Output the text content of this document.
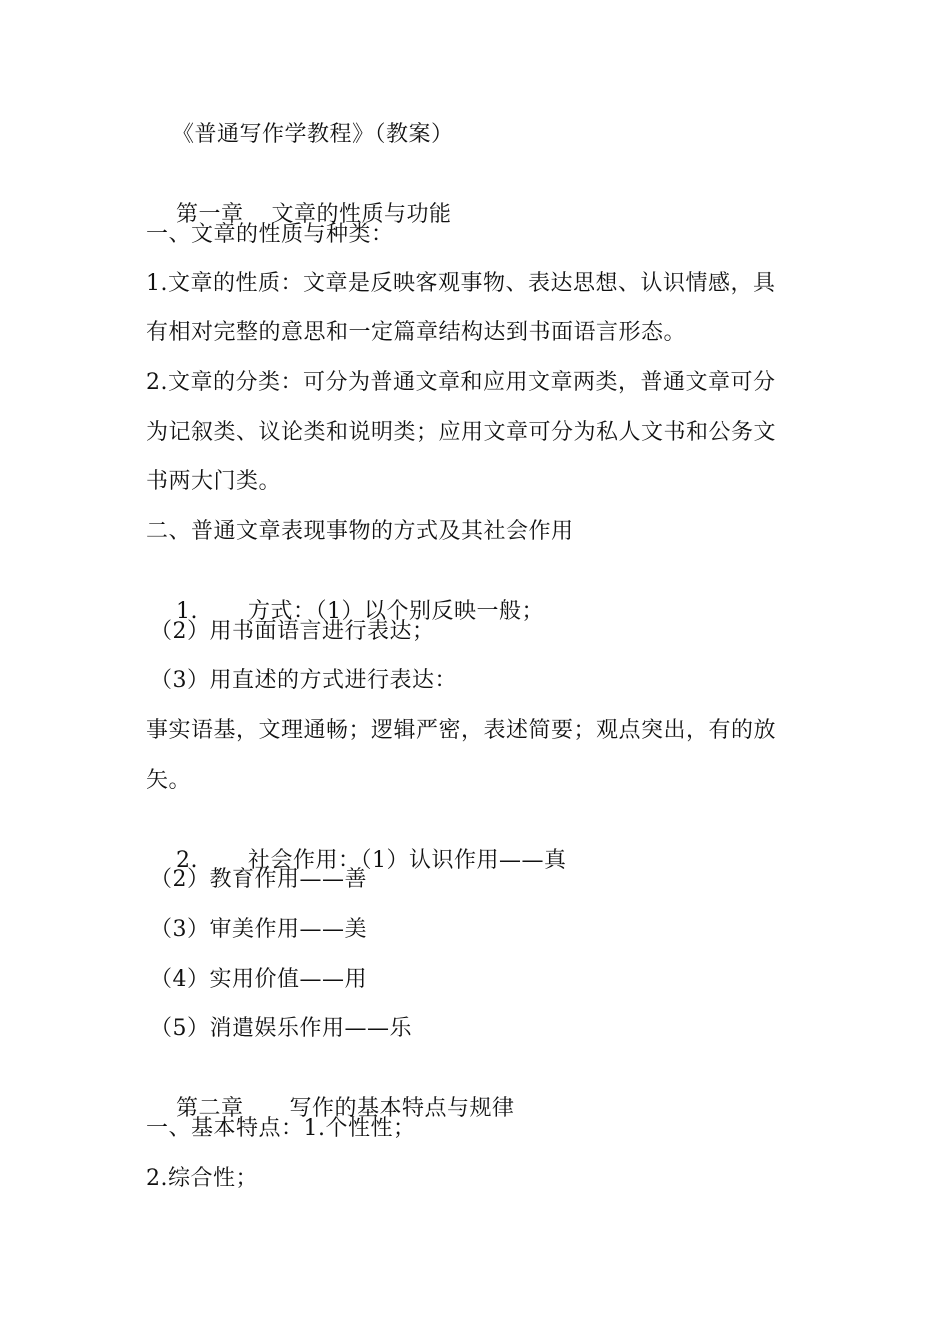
《普通写作学教程》（教案）

第一章 文章的性质与功能

一、文章的性质与种类：
1.文章的性质：文章是反映客观事物、表达思想、认识情感，具
有相对完整的意思和一定篇章结构达到书面语言形态。
2.文章的分类：可分为普通文章和应用文章两类，普通文章可分
为记叙类、议论类和说明类；应用文章可分为私人文书和公务文
书两大门类。
二、普通文章表现事物的方式及其社会作用

1. 方式：（1）以个别反映一般；

（2）用书面语言进行表达；
（3）用直述的方式进行表达：
事实语基，文理通畅；逻辑严密，表述简要；观点突出，有的放
矢。

2. 社会作用：（1）认识作用——真

（2）教育作用——善
（3）审美作用——美
（4）实用价值——用
（5）消遣娱乐作用——乐

第二章 写作的基本特点与规律

一、基本特点：1.个性性；
2.综合性；
